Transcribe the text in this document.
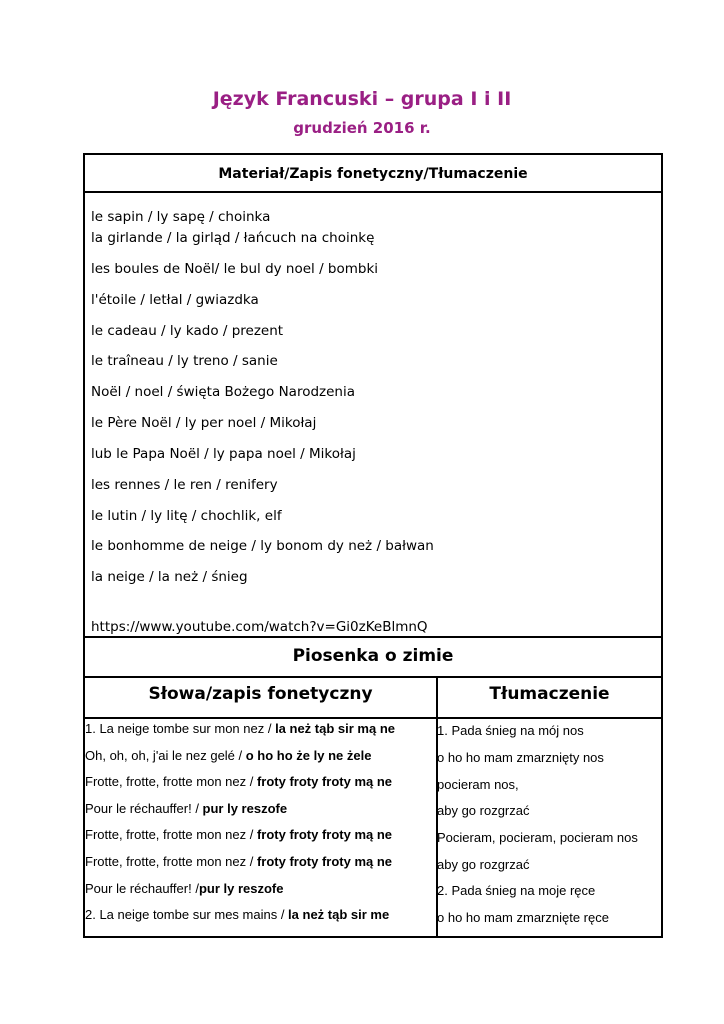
Język Francuski – grupa I i II
grudzień 2016 r.
Materiał/Zapis fonetyczny/Tłumaczenie
le sapin / ly sapę / choinka
la girlande / la girląd / łańcuch na choinkę
les boules de Noël/ le bul dy noel / bombki
l'étoile / letłal / gwiazdka
le cadeau / ly kado / prezent
le traîneau / ly treno / sanie
Noël / noel / święta Bożego Narodzenia
le Père Noël / ly per noel / Mikołaj
lub le Papa Noël / ly papa noel / Mikołaj
les rennes / le ren / renifery
le lutin / ly litę / chochlik, elf
le bonhomme de neige / ly bonom dy neż / bałwan
la neige / la neż / śnieg
https://www.youtube.com/watch?v=Gi0zKeBlmnQ
Piosenka o zimie
Słowa/zapis fonetyczny	Tłumaczenie
1. La neige tombe sur mon nez / la neż tąb sir mą ne
Oh, oh, oh, j'ai le nez gelé / o ho ho że ly ne żele
Frotte, frotte, frotte mon nez / froty froty froty mą ne
Pour le réchauffer! / pur ly reszofe
Frotte, frotte, frotte mon nez / froty froty froty mą ne
Frotte, frotte, frotte mon nez / froty froty froty mą ne
Pour le réchauffer! /pur ly reszofe
2. La neige tombe sur mes mains / la neż tąb sir me
1. Pada śnieg na mój nos
o ho ho mam zmarznięty nos
pocieram nos,
aby go rozgrzać
Pocieram, pocieram, pocieram nos
aby go rozgrzać
2. Pada śnieg na moje ręce
o ho ho mam zmarznięte ręce
